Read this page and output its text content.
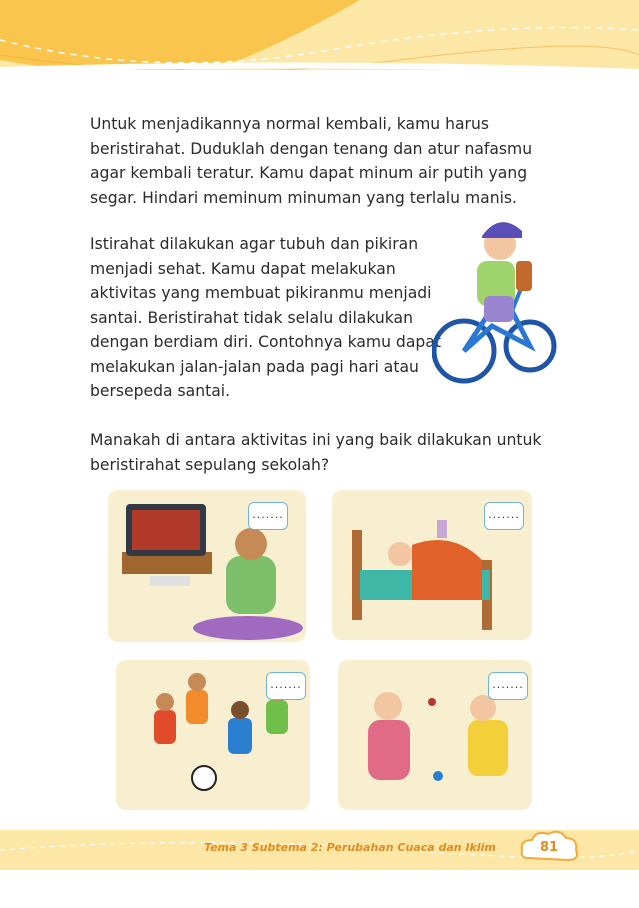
Untuk menjadikannya normal kembali, kamu harus beristirahat. Duduklah dengan tenang dan atur nafasmu agar kembali teratur. Kamu dapat minum air putih yang segar. Hindari meminum minuman yang terlalu manis.
Istirahat dilakukan agar tubuh dan pikiran menjadi sehat. Kamu dapat melakukan aktivitas yang membuat pikiranmu menjadi santai. Beristirahat tidak selalu dilakukan dengan berdiam diri. Contohnya kamu dapat melakukan jalan-jalan pada pagi hari atau bersepeda santai.
Manakah di antara aktivitas ini yang baik dilakukan untuk beristirahat sepulang sekolah?
.......	.......
.......	.......
Tema 3 Subtema 2: Perubahan Cuaca dan Iklim	81
